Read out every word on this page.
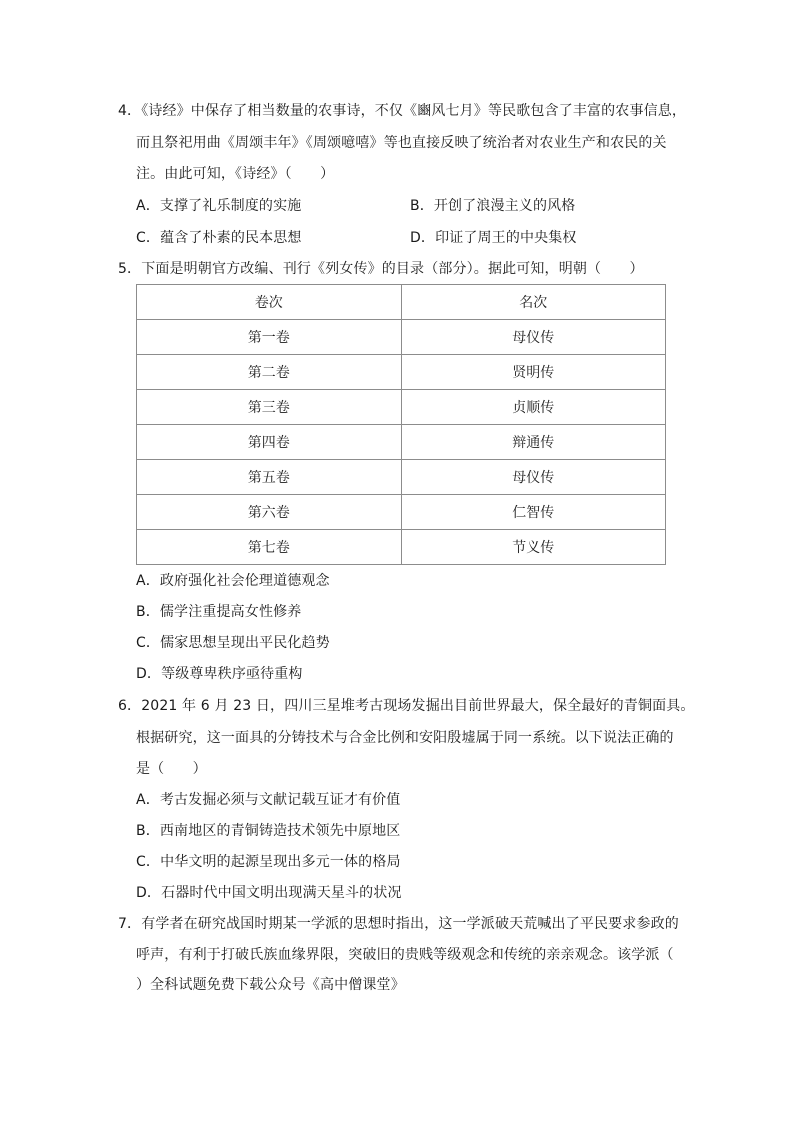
4．《诗经》中保存了相当数量的农事诗，不仅《豳风七月》等民歌包含了丰富的农事信息，
而且祭祀用曲《周颂丰年》《周颂噫嘻》等也直接反映了统治者对农业生产和农民的关
注。由此可知，《诗经》（　　）
A．支撑了礼乐制度的实施	B．开创了浪漫主义的风格
C．蕴含了朴素的民本思想	D．印证了周王的中央集权
5．下面是明朝官方改编、刊行《列女传》的目录（部分）。据此可知，明朝（　　）
卷次	名次
第一卷	母仪传
第二卷	贤明传
第三卷	贞顺传
第四卷	辩通传
第五卷	母仪传
第六卷	仁智传
第七卷	节义传
A．政府强化社会伦理道德观念
B．儒学注重提高女性修养
C．儒家思想呈现出平民化趋势
D．等级尊卑秩序亟待重构
6．2021 年 6 月 23 日，四川三星堆考古现场发掘出目前世界最大，保全最好的青铜面具。
根据研究，这一面具的分铸技术与合金比例和安阳殷墟属于同一系统。以下说法正确的
是（　　）
A．考古发掘必须与文献记载互证才有价值
B．西南地区的青铜铸造技术领先中原地区
C．中华文明的起源呈现出多元一体的格局
D．石器时代中国文明出现满天星斗的状况
7．有学者在研究战国时期某一学派的思想时指出，这一学派破天荒喊出了平民要求参政的
呼声，有利于打破氏族血缘界限，突破旧的贵贱等级观念和传统的亲亲观念。该学派（
）全科试题免费下载公众号《高中僧课堂》
